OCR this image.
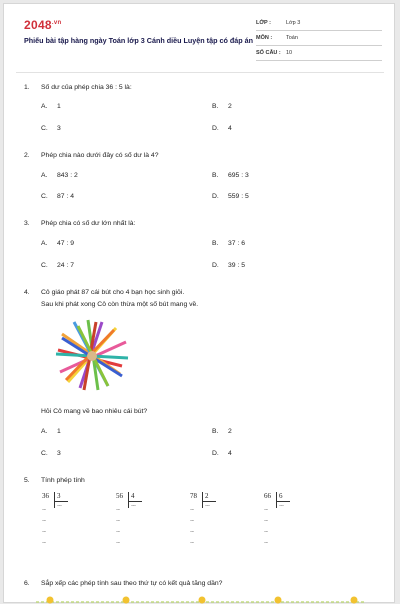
$2048^{.vn}$
Phiếu bài tập hàng ngày Toán lớp 3 Cánh diều Luyện tập có đáp án
LỚP :	Lớp 3
MÔN :	Toán
SỐ CÂU : 10
1.	Số dư của phép chia 36 : 5 là:
A. 1	B. 2
C. 3	D. 4
2.	Phép chia nào dưới đây có số dư là 4?
A. 843 : 2	B. 695 : 3
C. 87 : 4	D. 559 : 5
3.	Phép chia có số dư lớn nhất là:
A. 47 : 9	B. 37 : 6
C. 24 : 7	D. 39 : 5
4.	Cô giáo phát 87 cái bút cho 4 bạn học sinh giỏi.
Sau khi phát xong Cô còn thừa một số bút mang về.
Hỏi Cô mang về bao nhiêu cái bút?
A. 1	B. 2
C. 3	D. 4
5.	Tính phép tính
36 3
......
.....
.....
.....
.....
56 4
......
.....
.....
.....
.....
78 2
......
.....
.....
.....
.....
66 6
......
.....
.....
.....
.....
6.	Sắp xếp các phép tính sau theo thứ tự có kết quả tăng dần?
